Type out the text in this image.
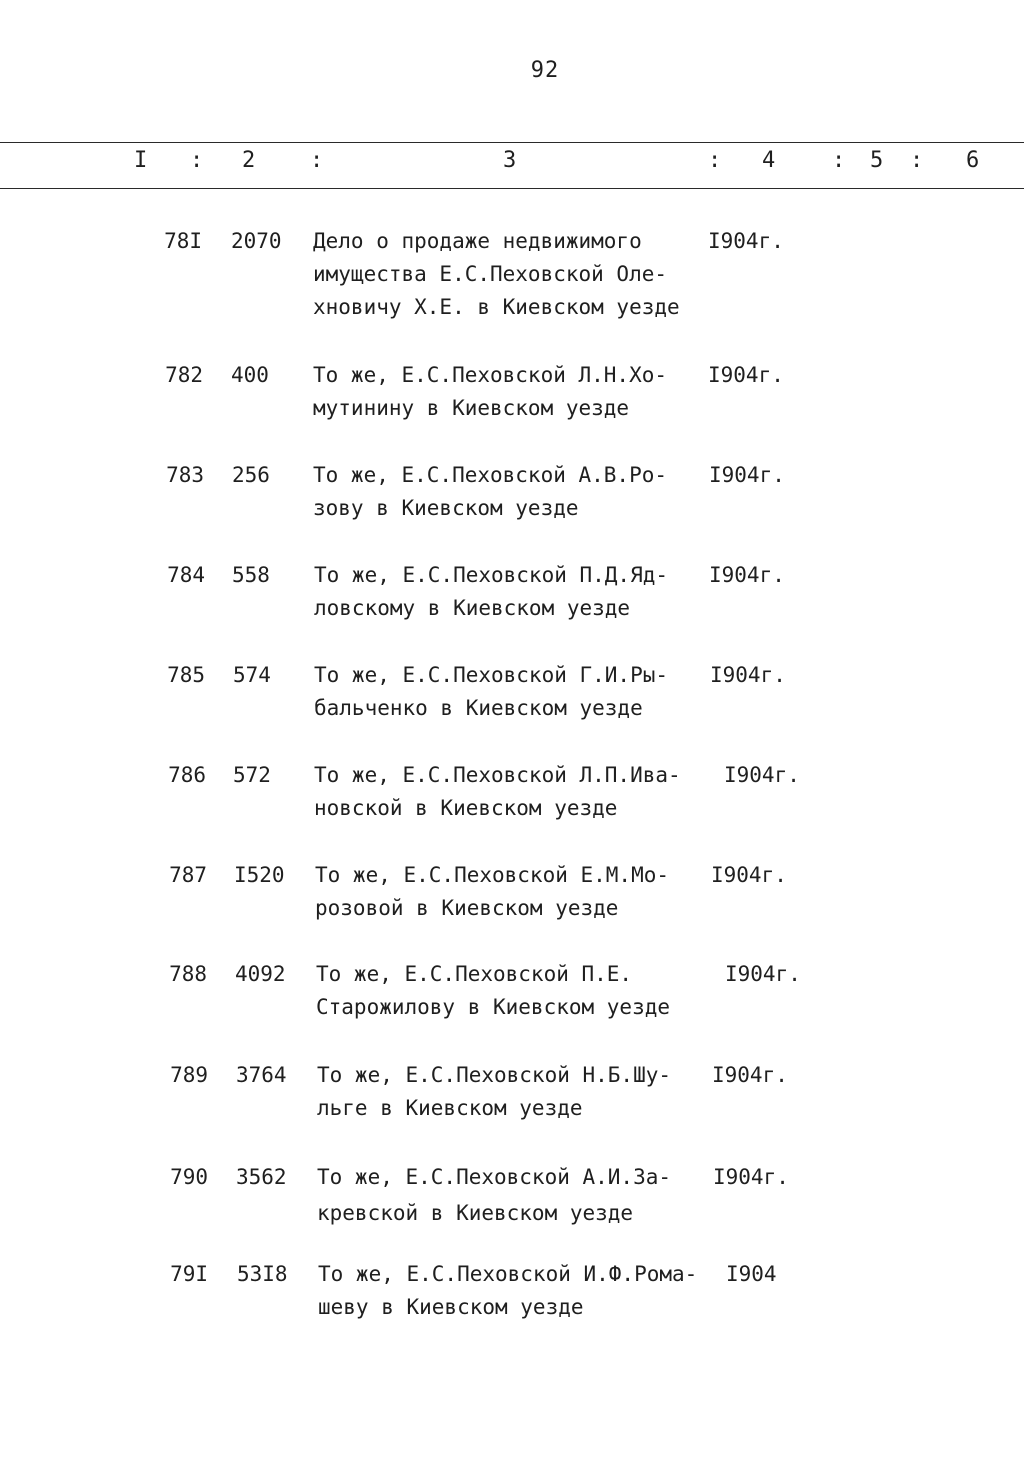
92
I : 2 :	3	: 4	: 5 : 6
78I 2070 Дело о продаже недвижимого
имущества Е.С.Пеховской Оле-
хновичу Х.Е. в Киевском уезде
I904г.
782 400 То же, Е.С.Пеховской Л.Н.Хо-
мутинину в Киевском уезде
I904г.
783 256 То же, Е.С.Пеховской А.В.Ро-
зову в Киевском уезде
I904г.
784 558 То же, Е.С.Пеховской П.Д.Яд-
ловскому в Киевском уезде
I904г.
785 574 То же, Е.С.Пеховской Г.И.Ры-
бальченко в Киевском уезде
I904г.
786 572 То же, Е.С.Пеховской Л.П.Ива-
новской в Киевском уезде
I904г.
787 I520 То же, Е.С.Пеховской Е.М.Мо-
розовой в Киевском уезде
I904г.
788 4092 То же, Е.С.Пеховской П.Е.
Старожилову в Киевском уезде
I904г.
789 3764 То же, Е.С.Пеховской Н.Б.Шу-
льге в Киевском уезде
I904г.
790 3562 То же, Е.С.Пеховской А.И.За-
кревской в Киевском уезде
I904г.
79I 53I8 То же, Е.С.Пеховской И.Ф.Рома-
шеву в Киевском уезде
I904
